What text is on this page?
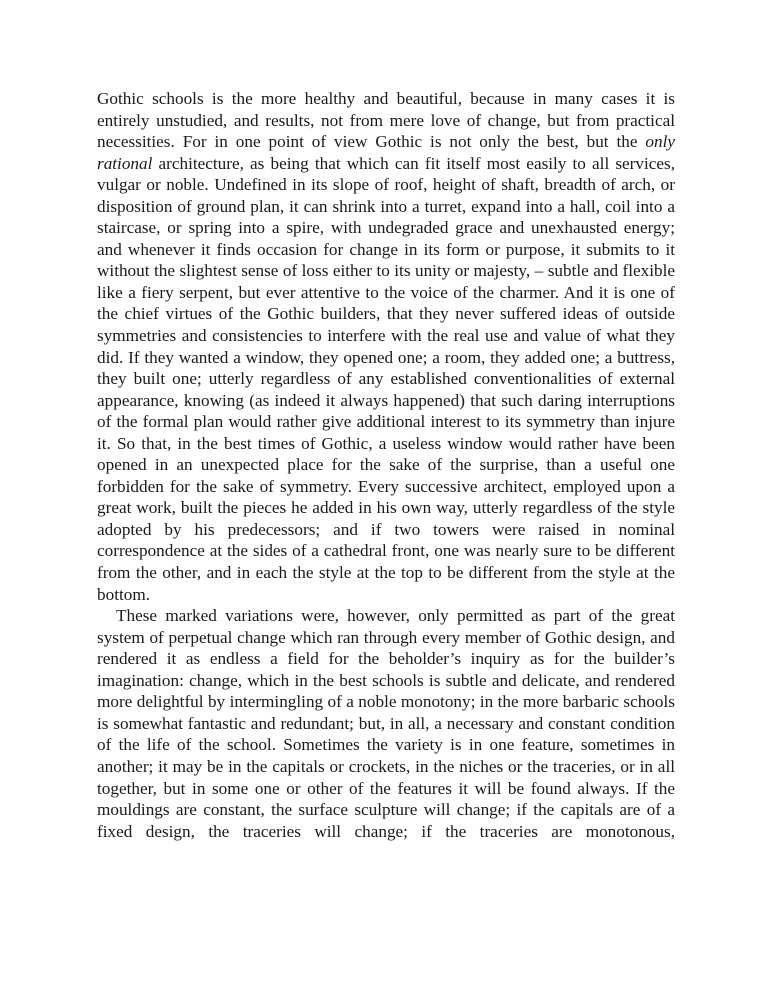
Gothic schools is the more healthy and beautiful, because in many cases it is entirely unstudied, and results, not from mere love of change, but from practical necessities. For in one point of view Gothic is not only the best, but the only rational architecture, as being that which can fit itself most easily to all services, vulgar or noble. Undefined in its slope of roof, height of shaft, breadth of arch, or disposition of ground plan, it can shrink into a turret, expand into a hall, coil into a staircase, or spring into a spire, with undegraded grace and unexhausted energy; and whenever it finds occasion for change in its form or purpose, it submits to it without the slightest sense of loss either to its unity or majesty, – subtle and flexible like a fiery serpent, but ever attentive to the voice of the charmer. And it is one of the chief virtues of the Gothic builders, that they never suffered ideas of outside symmetries and consistencies to interfere with the real use and value of what they did. If they wanted a window, they opened one; a room, they added one; a buttress, they built one; utterly regardless of any established conventionalities of external appearance, knowing (as indeed it always happened) that such daring interruptions of the formal plan would rather give additional interest to its symmetry than injure it. So that, in the best times of Gothic, a useless window would rather have been opened in an unexpected place for the sake of the surprise, than a useful one forbidden for the sake of symmetry. Every successive architect, employed upon a great work, built the pieces he added in his own way, utterly regardless of the style adopted by his predecessors; and if two towers were raised in nominal correspondence at the sides of a cathedral front, one was nearly sure to be different from the other, and in each the style at the top to be different from the style at the bottom.

These marked variations were, however, only permitted as part of the great system of perpetual change which ran through every member of Gothic design, and rendered it as endless a field for the beholder’s inquiry as for the builder’s imagination: change, which in the best schools is subtle and delicate, and rendered more delightful by intermingling of a noble monotony; in the more barbaric schools is somewhat fantastic and redundant; but, in all, a necessary and constant condition of the life of the school. Sometimes the variety is in one feature, sometimes in another; it may be in the capitals or crockets, in the niches or the traceries, or in all together, but in some one or other of the features it will be found always. If the mouldings are constant, the surface sculpture will change; if the capitals are of a fixed design, the traceries will change; if the traceries are monotonous,
